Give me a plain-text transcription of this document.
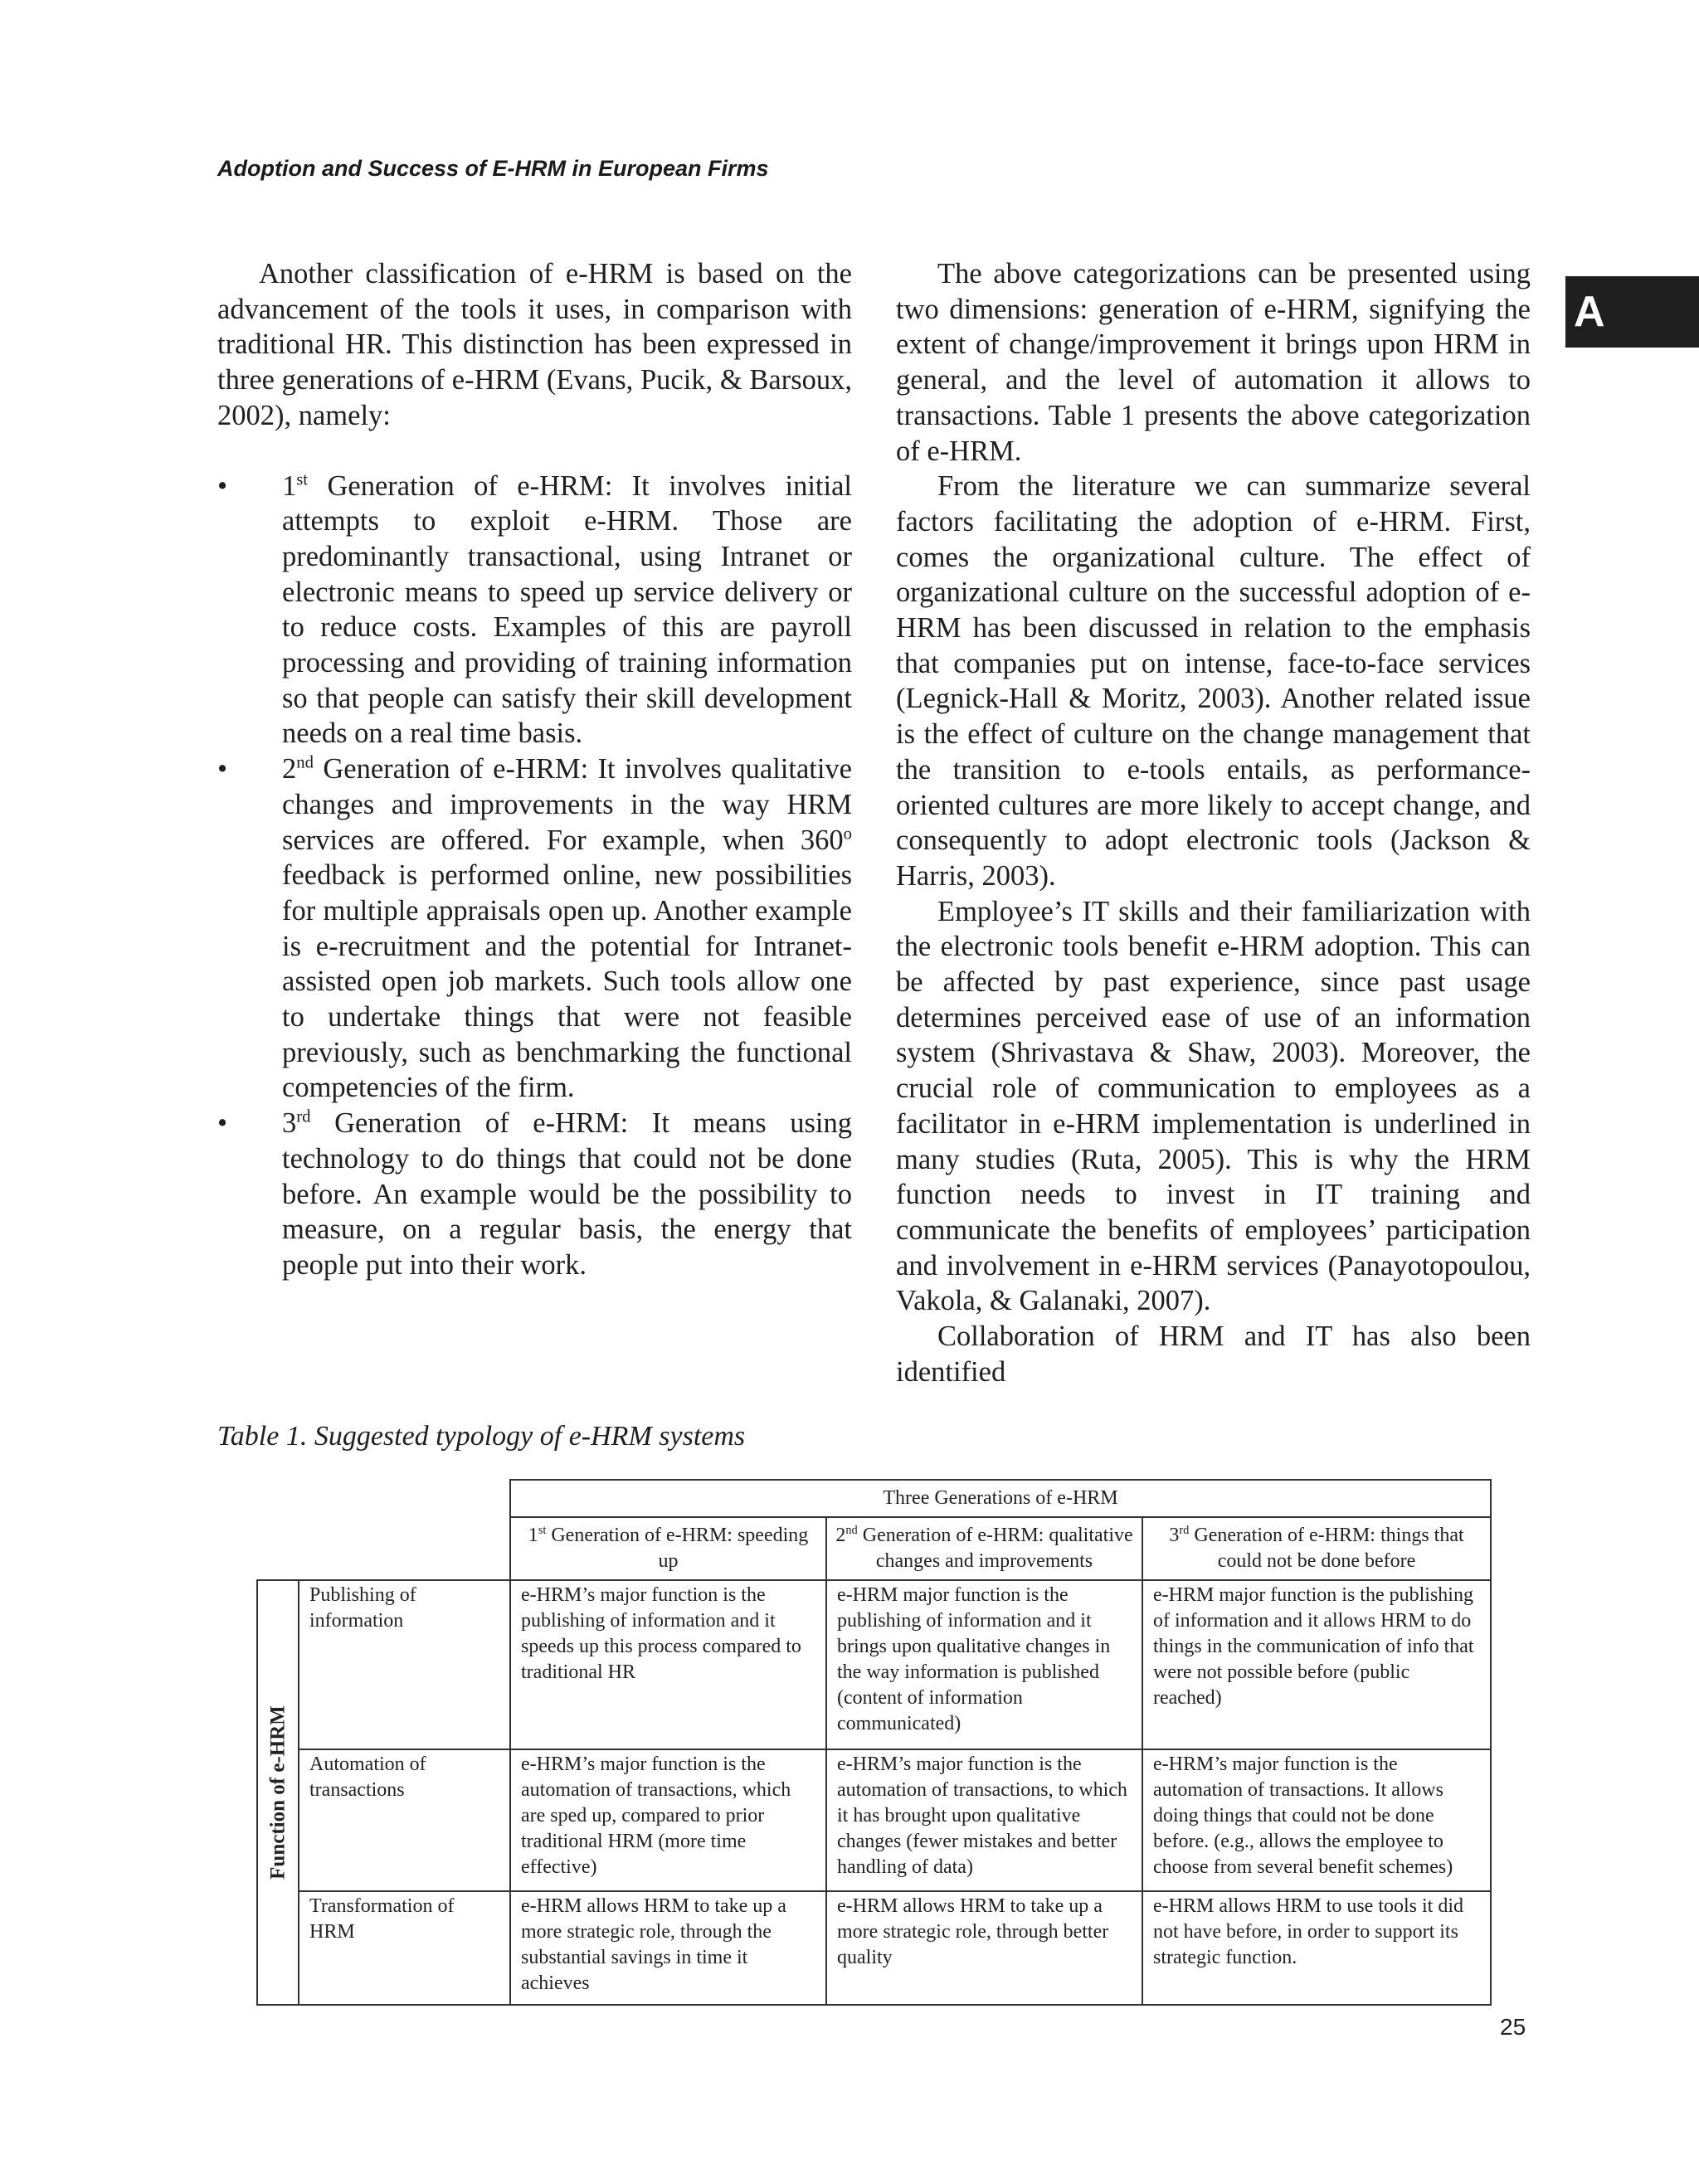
Adoption and Success of E-HRM in European Firms
A

Another classification of e-HRM is based on the advancement of the tools it uses, in comparison with traditional HR. This distinction has been expressed in three generations of e-HRM (Evans, Pucik, & Barsoux, 2002), namely:

• 1st Generation of e-HRM: It involves initial attempts to exploit e-HRM. Those are predominantly transactional, using Intranet or electronic means to speed up service delivery or to reduce costs. Examples of this are payroll processing and providing of training information so that people can satisfy their skill development needs on a real time basis.
• 2nd Generation of e-HRM: It involves qualitative changes and improvements in the way HRM services are offered. For example, when 360$^o$ feedback is performed online, new possibilities for multiple appraisals open up. Another example is e-recruitment and the potential for Intranet-assisted open job markets. Such tools allow one to undertake things that were not feasible previously, such as benchmarking the functional competencies of the firm.
• 3rd Generation of e-HRM: It means using technology to do things that could not be done before. An example would be the possibility to measure, on a regular basis, the energy that people put into their work.

The above categorizations can be presented using two dimensions: generation of e-HRM, signifying the extent of change/improvement it brings upon HRM in general, and the level of automation it allows to transactions. Table 1 presents the above categorization of e-HRM.

From the literature we can summarize several factors facilitating the adoption of e-HRM. First, comes the organizational culture. The effect of organizational culture on the successful adoption of e-HRM has been discussed in relation to the emphasis that companies put on intense, face-to-face services (Legnick-Hall & Moritz, 2003). Another related issue is the effect of culture on the change management that the transition to e-tools entails, as performance-oriented cultures are more likely to accept change, and consequently to adopt electronic tools (Jackson & Harris, 2003).

Employee’s IT skills and their familiarization with the electronic tools benefit e-HRM adoption. This can be affected by past experience, since past usage determines perceived ease of use of an information system (Shrivastava & Shaw, 2003). Moreover, the crucial role of communication to employees as a facilitator in e-HRM implementation is underlined in many studies (Ruta, 2005). This is why the HRM function needs to invest in IT training and communicate the benefits of employees’ participation and involvement in e-HRM services (Panayotopoulou, Vakola, & Galanaki, 2007).

Collaboration of HRM and IT has also been identified

Table 1. Suggested typology of e-HRM systems
		Three Generations of e-HRM		
		1st Generation of e-HRM: speeding up	2nd Generation of e-HRM: qualitative changes and improvements	3rd Generation of e-HRM: things that could not be done before

Function of e-HRM	Publishing of information	e-HRM’s major function is the publishing of information and it speeds up this process compared to traditional HR	e-HRM major function is the publishing of information and it brings upon qualitative changes in the way information is published (content of information communicated)	e-HRM major function is the publishing of information and it allows HRM to do things in the communication of info that were not possible before (public reached)
	Automation of transactions	e-HRM’s major function is the automation of transactions, which are sped up, compared to prior traditional HRM (more time effective)	e-HRM’s major function is the automation of transactions, to which it has brought upon qualitative changes (fewer mistakes and better handling of data)	e-HRM’s major function is the automation of transactions. It allows doing things that could not be done before. (e.g., allows the employee to choose from several benefit schemes)
	Transformation of HRM	e-HRM allows HRM to take up a more strategic role, through the substantial savings in time it achieves	e-HRM allows HRM to take up a more strategic role, through better quality	e-HRM allows HRM to use tools it did not have before, in order to support its strategic function.
25
